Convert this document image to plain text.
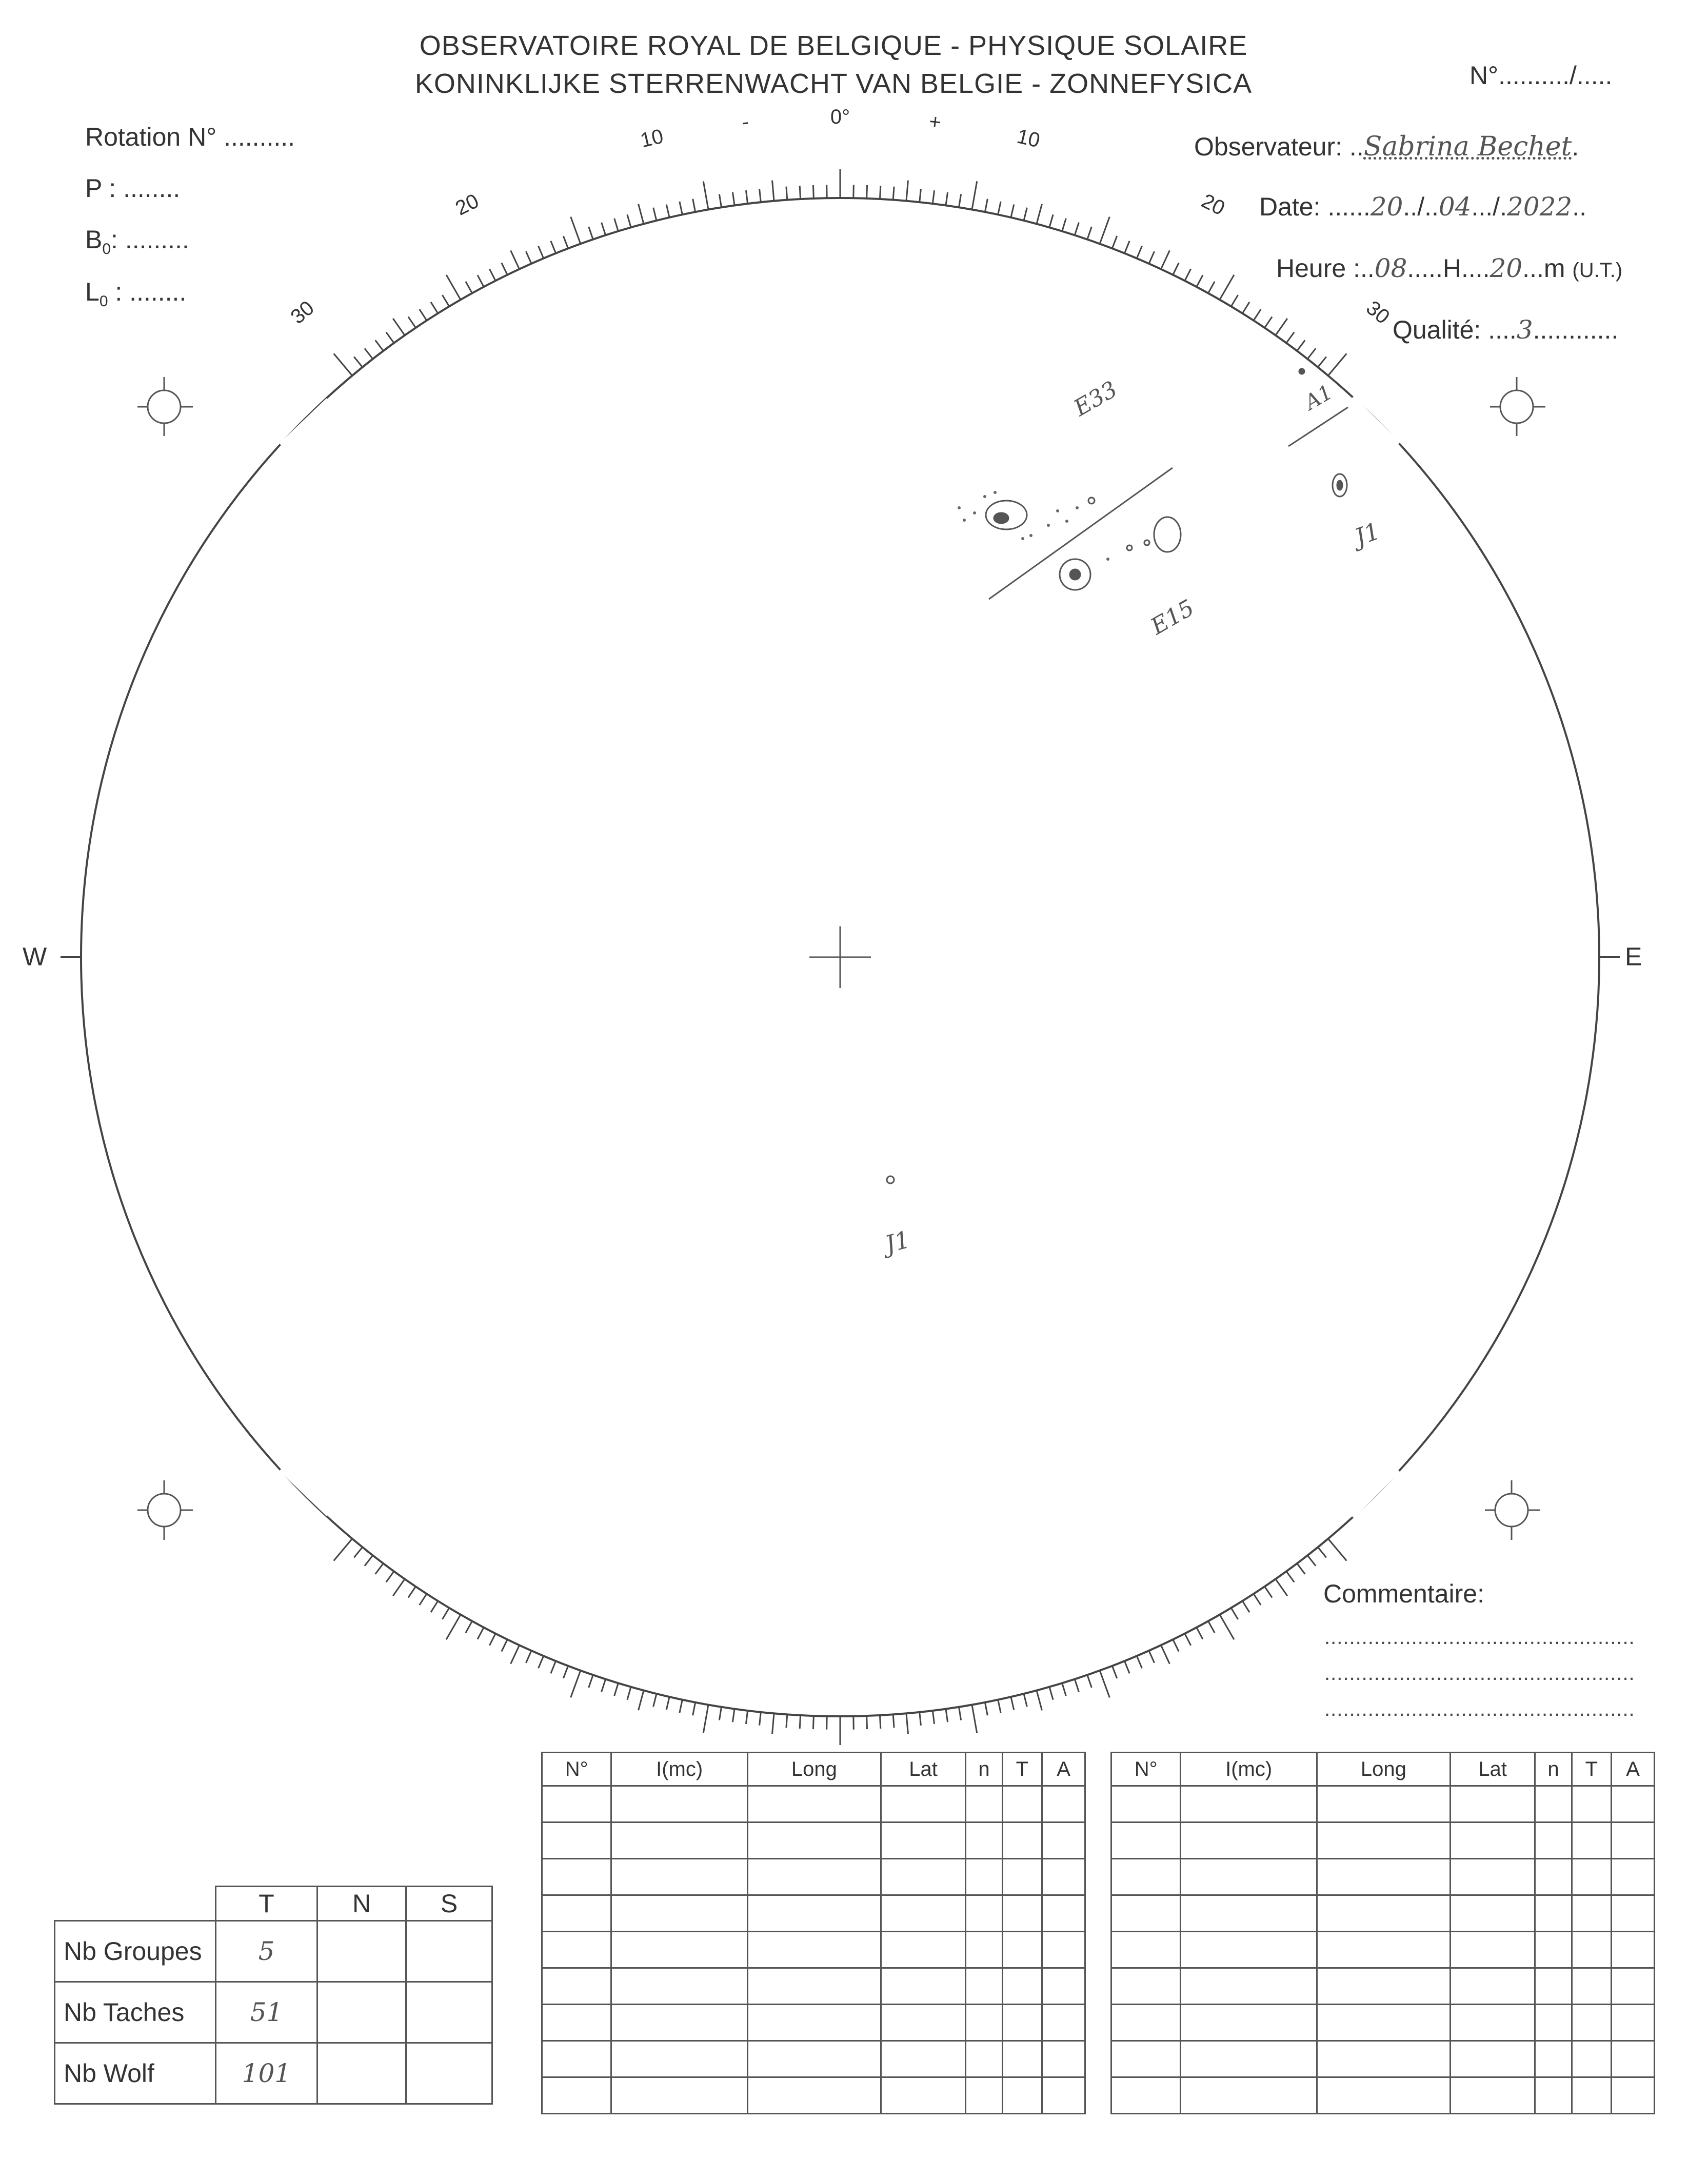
OBSERVATOIRE ROYAL DE BELGIQUE - PHYSIQUE SOLAIRE
KONINKLIJKE STERRENWACHT VAN BELGIE - ZONNEFYSICA	N°........../.....
Rotation N° ..........
P : ........
$B_0$: .........
$L_0$ : ........
Observateur: ..Sabrina Bechet.
Date: ......20../..04.../.2022..
Heure :..08.....H....20...m (U.T.)
Qualité: ....3............
30
20
10
-	0°	+
10
20
30
W	E
E33	A1
J1
E15
J1
Commentaire:
..................................................
..................................................
..................................................
N°	I(mc)	Long	Lat	n	T	A

							N°	I(mc)	Long	Lat	n	T	A

	T	N	S
Nb Groupes	5		
Nb Taches	51		
Nb Wolf	101		
